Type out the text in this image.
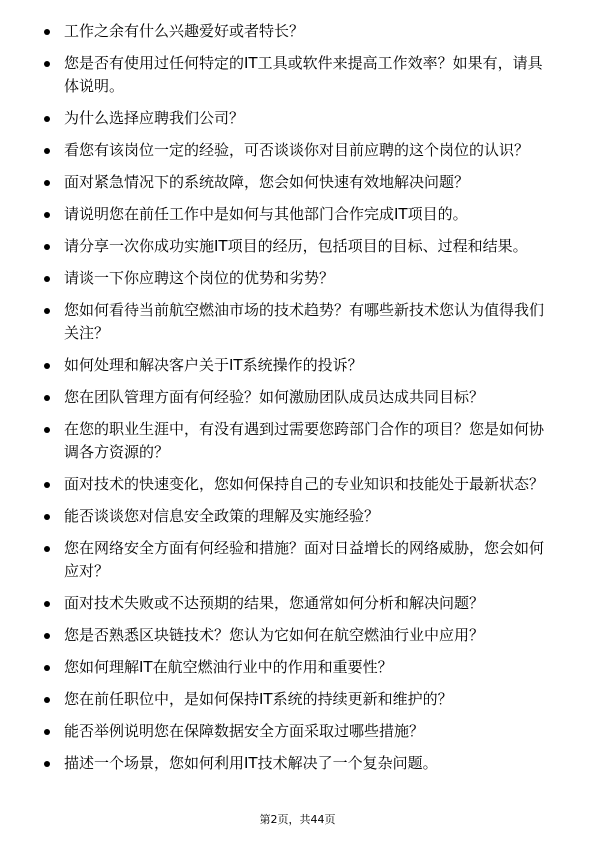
工作之余有什么兴趣爱好或者特长？
您是否有使用过任何特定的IT工具或软件来提高工作效率？如果有，请具体说明。
为什么选择应聘我们公司？
看您有该岗位一定的经验，可否谈谈你对目前应聘的这个岗位的认识？
面对紧急情况下的系统故障，您会如何快速有效地解决问题？
请说明您在前任工作中是如何与其他部门合作完成IT项目的。
请分享一次你成功实施IT项目的经历，包括项目的目标、过程和结果。
请谈一下你应聘这个岗位的优势和劣势？
您如何看待当前航空燃油市场的技术趋势？有哪些新技术您认为值得我们关注？
如何处理和解决客户关于IT系统操作的投诉？
您在团队管理方面有何经验？如何激励团队成员达成共同目标？
在您的职业生涯中，有没有遇到过需要您跨部门合作的项目？您是如何协调各方资源的？
面对技术的快速变化，您如何保持自己的专业知识和技能处于最新状态？
能否谈谈您对信息安全政策的理解及实施经验？
您在网络安全方面有何经验和措施？面对日益增长的网络威胁，您会如何应对？
面对技术失败或不达预期的结果，您通常如何分析和解决问题？
您是否熟悉区块链技术？您认为它如何在航空燃油行业中应用？
您如何理解IT在航空燃油行业中的作用和重要性？
您在前任职位中，是如何保持IT系统的持续更新和维护的？
能否举例说明您在保障数据安全方面采取过哪些措施？
描述一个场景，您如何利用IT技术解决了一个复杂问题。
第2页，共44页
